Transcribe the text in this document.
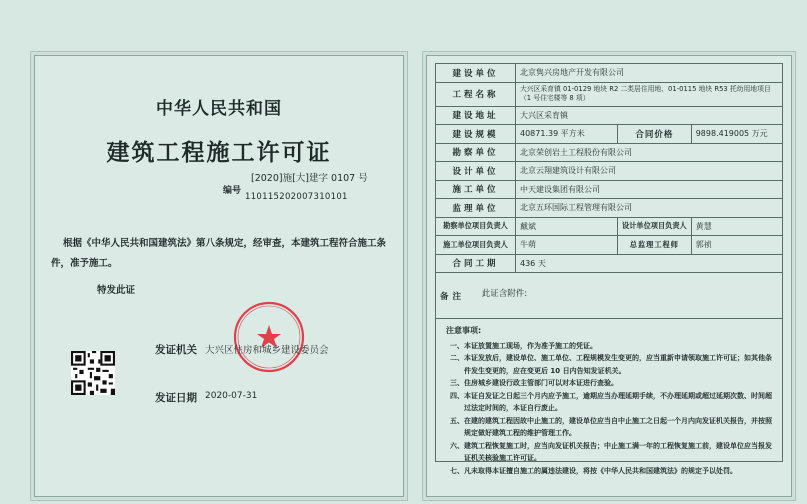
中华人民共和国
建筑工程施工许可证
[2020]施[大]建字 0107 号
编号
110115202007310101
根据《中华人民共和国建筑法》第八条规定，经审查，本建筑工程符合施工条件，准予施工。
特发此证
发证机关 大兴区住房和城乡建设委员会
发证日期 2020-07-31
建设单位	北京隽兴房地产开发有限公司		
工程名称	大兴区采育镇 01-0129 地块 R2 二类居住用地、01-0115 地块 R53 托幼用地项目（1 号住宅楼等 8 项）		
建设地址	大兴区采育镇		
建设规模	40871.39 平方米	合同价格	9898.419005 万元
勘察单位	北京荣创岩土工程股份有限公司		
设计单位	北京云翔建筑设计有限公司		
施工单位	中天建设集团有限公司		
监理单位	北京五环国际工程管理有限公司		
勘察单位项目负责人	戴斌	设计单位项目负责人	黄慧
施工单位项目负责人	牛萌	总监理工程师	郭祯
合同工期	436 天		
备注 此证含附件:			
注意事项:
一、本证放置施工现场，作为准予施工的凭证。
二、本证发放后，建设单位、施工单位、工程规模发生变更的，应当重新申请领取施工许可证；如其他条件发生变更的，应在变更后 10 日内告知发证机关。
三、住房城乡建设行政主管部门可以对本证进行查验。
四、本证自发证之日起三个月内应予施工，逾期应当办理延期手续，不办理延期或超过延期次数、时间超过法定时间的，本证自行废止。
五、在建的建筑工程因故中止施工的，建设单位应当自中止施工之日起一个月内向发证机关报告，并按照规定做好建筑工程的维护管理工作。
六、建筑工程恢复施工时，应当向发证机关报告；中止施工满一年的工程恢复施工前，建设单位应当报发证机关核验施工许可证。
七、凡未取得本证擅自施工的属违法建设，将按《中华人民共和国建筑法》的规定予以处罚。
